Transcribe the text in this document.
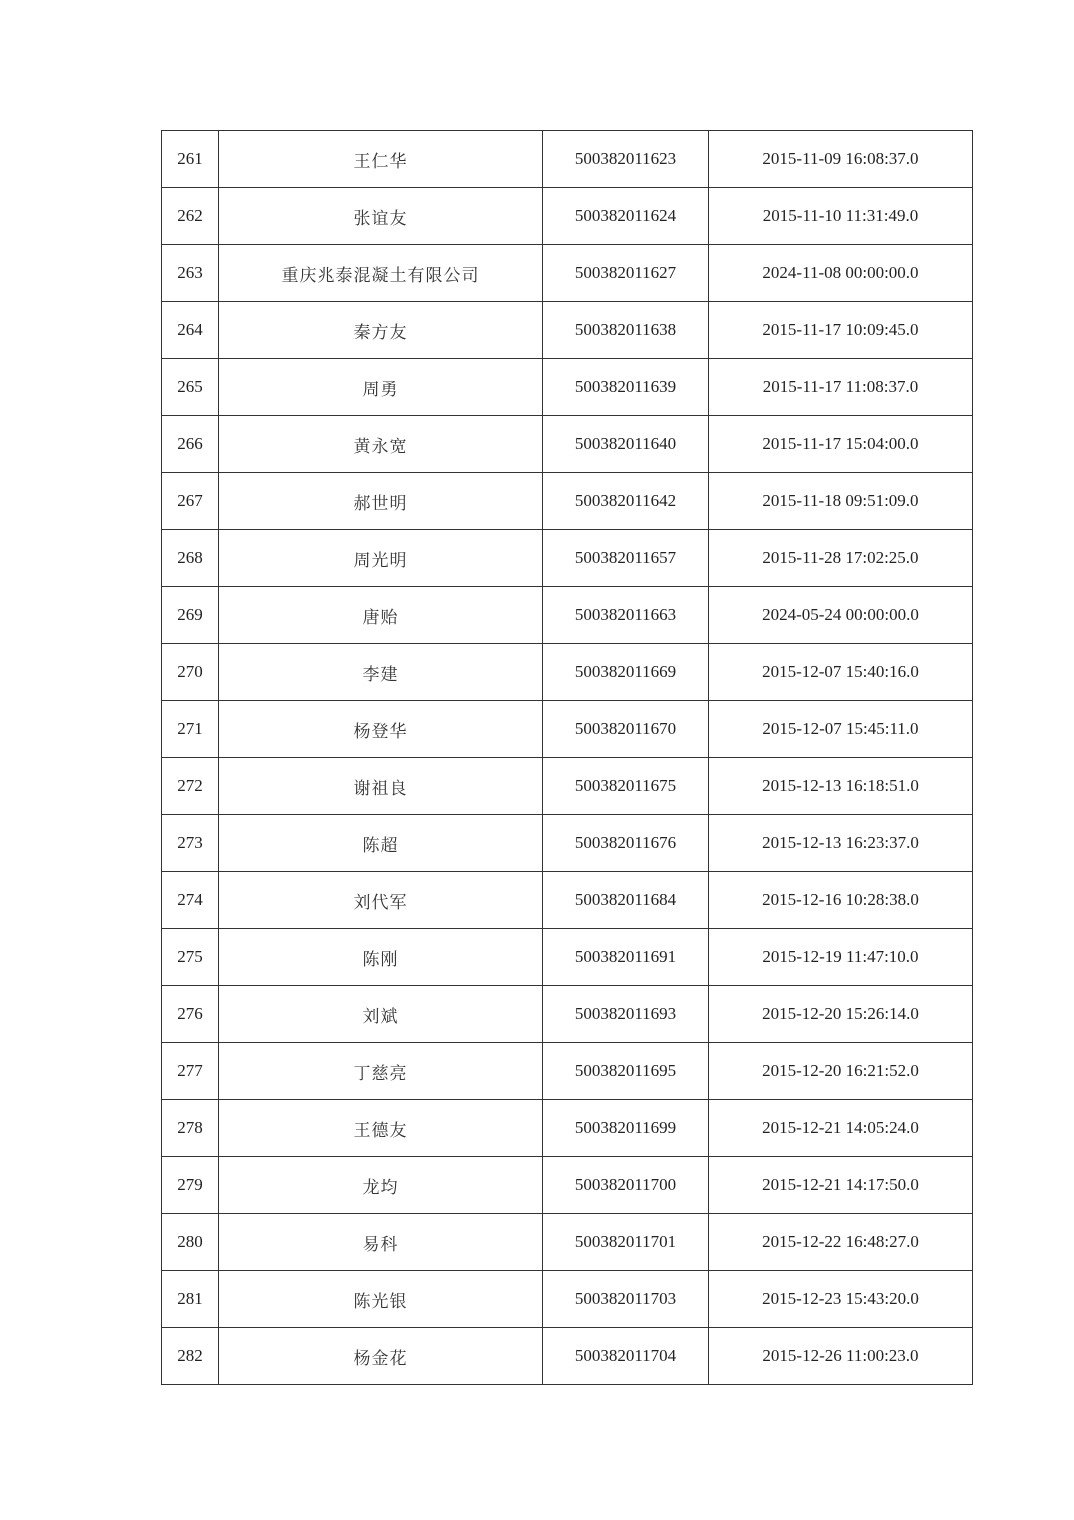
261	王仁华	500382011623	2015-11-09 16:08:37.0
262	张谊友	500382011624	2015-11-10 11:31:49.0
263	重庆兆泰混凝土有限公司	500382011627	2024-11-08 00:00:00.0
264	秦方友	500382011638	2015-11-17 10:09:45.0
265	周勇	500382011639	2015-11-17 11:08:37.0
266	黄永宽	500382011640	2015-11-17 15:04:00.0
267	郝世明	500382011642	2015-11-18 09:51:09.0
268	周光明	500382011657	2015-11-28 17:02:25.0
269	唐贻	500382011663	2024-05-24 00:00:00.0
270	李建	500382011669	2015-12-07 15:40:16.0
271	杨登华	500382011670	2015-12-07 15:45:11.0
272	谢祖良	500382011675	2015-12-13 16:18:51.0
273	陈超	500382011676	2015-12-13 16:23:37.0
274	刘代军	500382011684	2015-12-16 10:28:38.0
275	陈刚	500382011691	2015-12-19 11:47:10.0
276	刘斌	500382011693	2015-12-20 15:26:14.0
277	丁慈亮	500382011695	2015-12-20 16:21:52.0
278	王德友	500382011699	2015-12-21 14:05:24.0
279	龙均	500382011700	2015-12-21 14:17:50.0
280	易科	500382011701	2015-12-22 16:48:27.0
281	陈光银	500382011703	2015-12-23 15:43:20.0
282	杨金花	500382011704	2015-12-26 11:00:23.0
